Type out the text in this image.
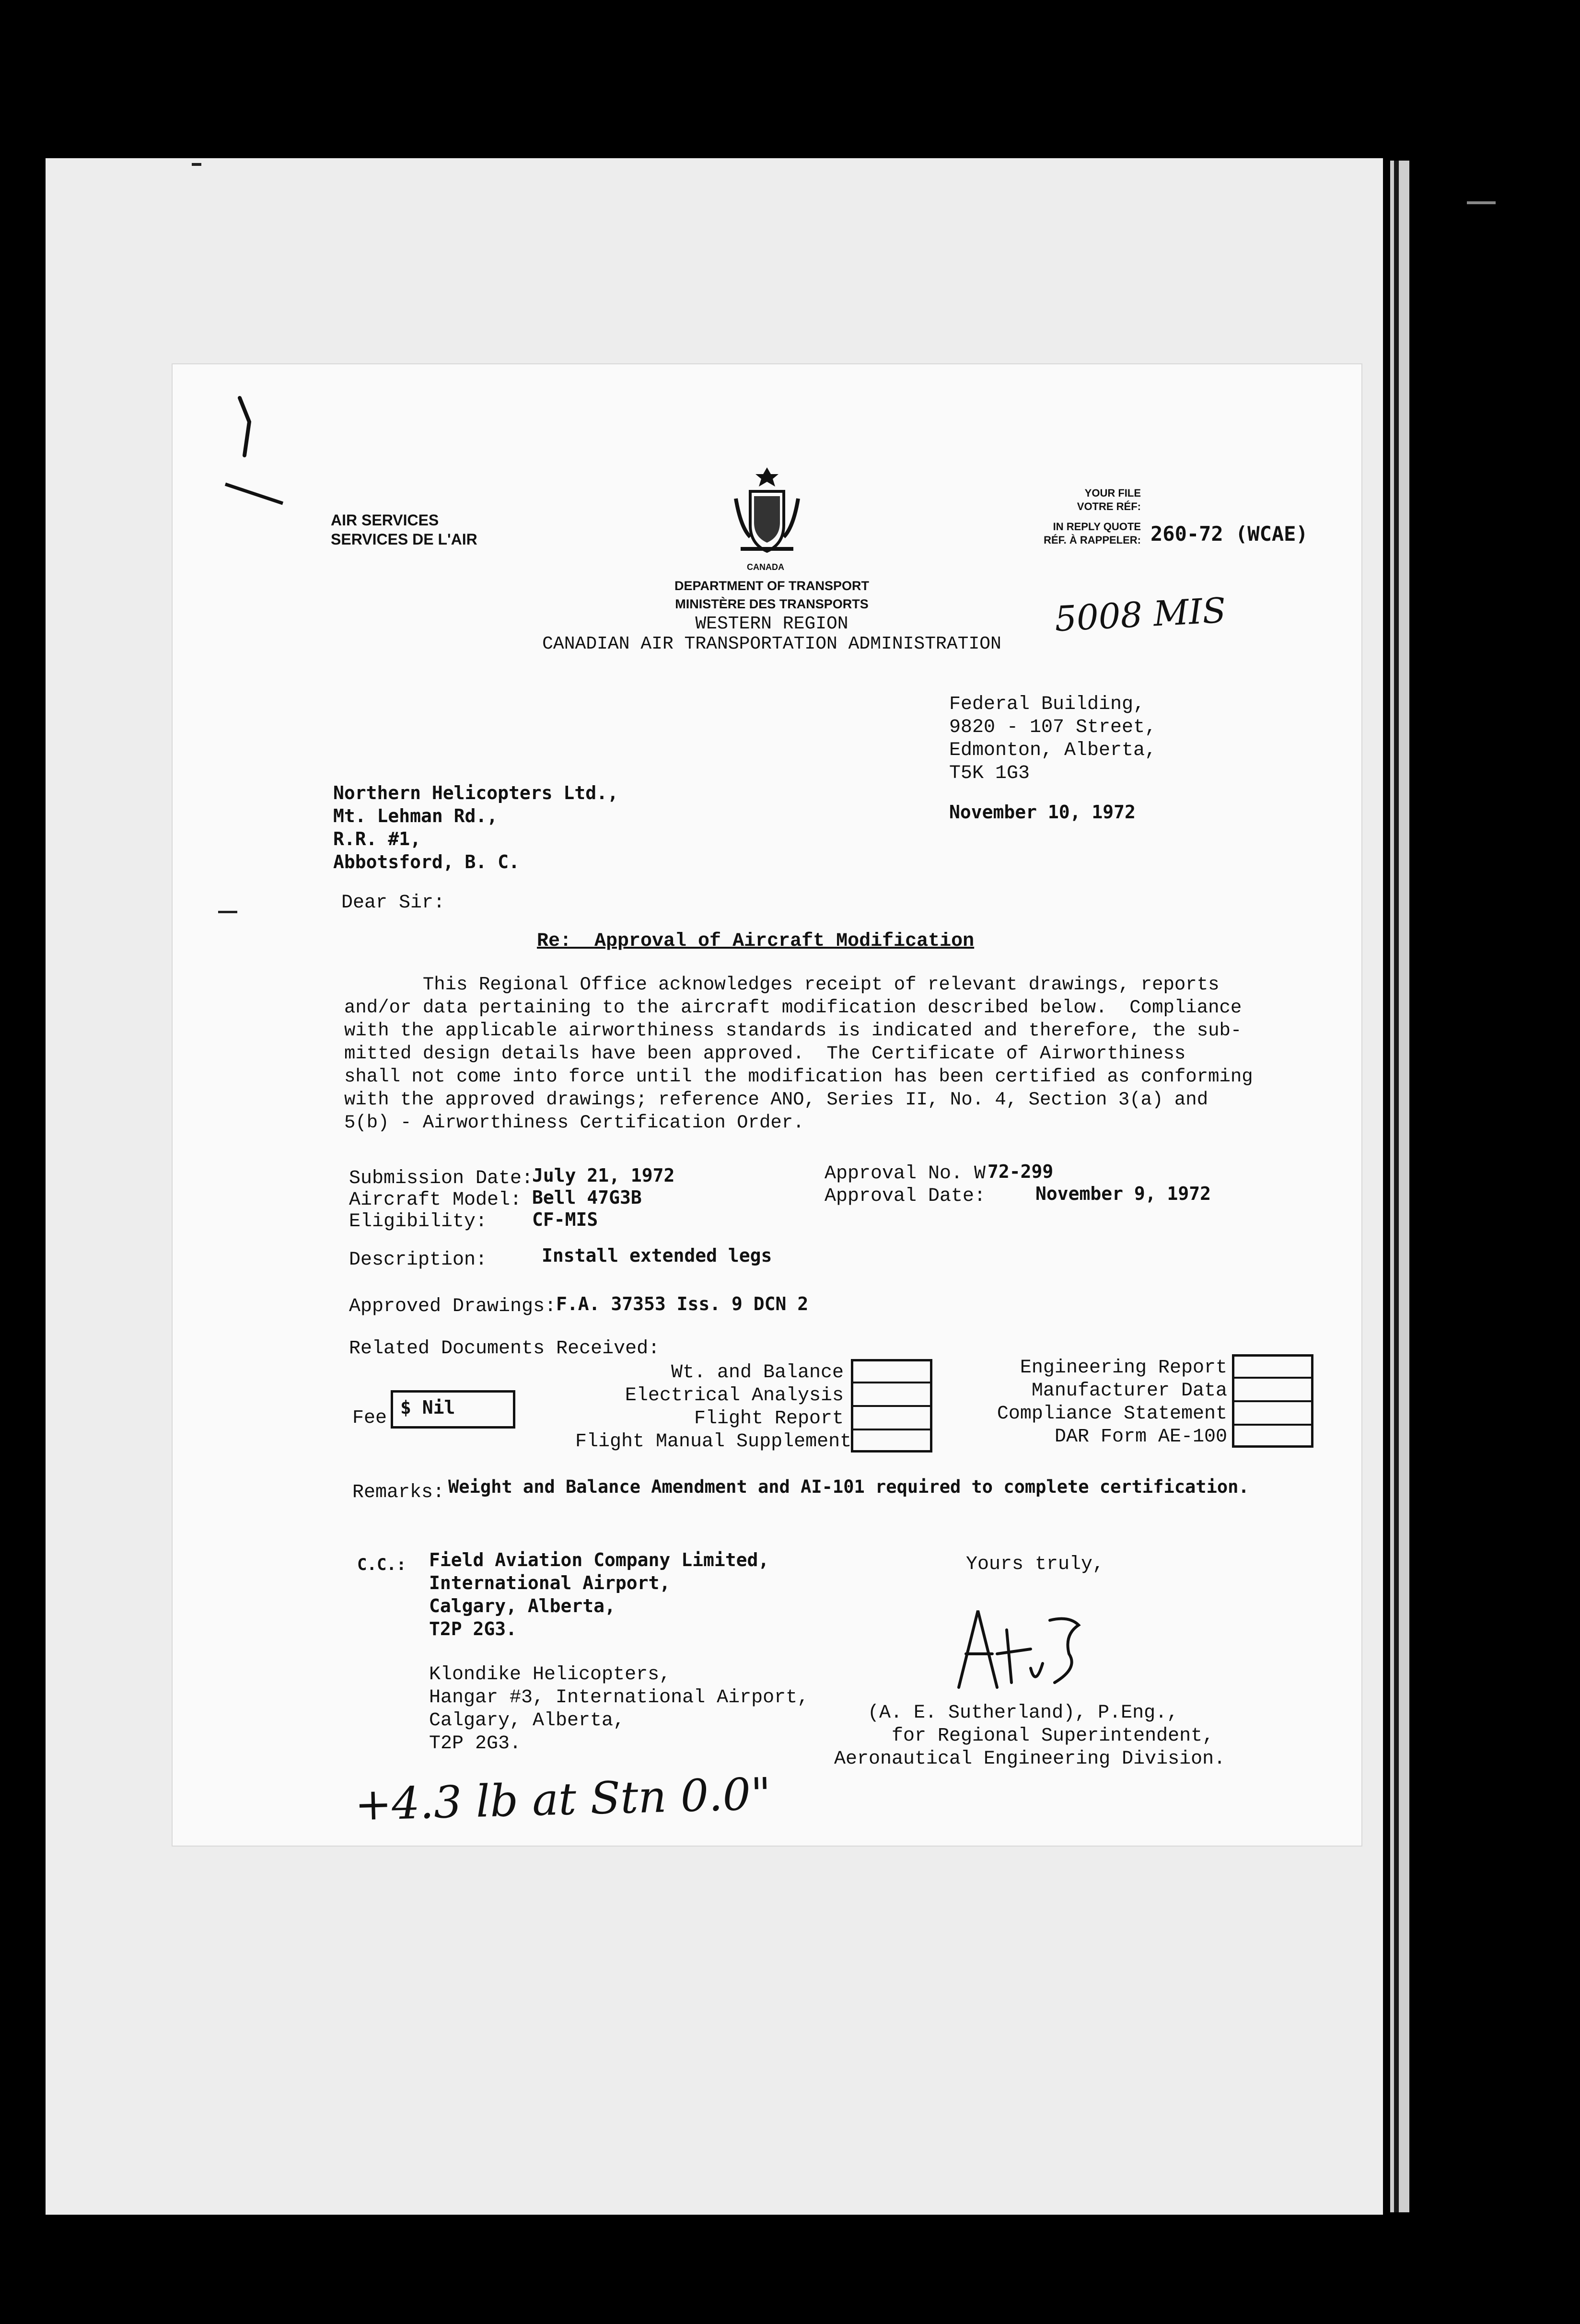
CANADA
AIR SERVICES
SERVICES DE L'AIR
YOUR FILE
VOTRE RÉF:
IN REPLY QUOTE
RÉF. À RAPPELER: 260-72 (WCAE)
5008 MIS
DEPARTMENT OF TRANSPORT
MINISTÈRE DES TRANSPORTS
WESTERN REGION
CANADIAN AIR TRANSPORTATION ADMINISTRATION
Federal Building,
9820 - 107 Street,
Edmonton, Alberta,
T5K 1G3
Northern Helicopters Ltd.,
Mt. Lehman Rd.,
R.R. #1,
Abbotsford, B. C.
November 10, 1972
Dear Sir:
Re:  Approval of Aircraft Modification
This Regional Office acknowledges receipt of relevant drawings, reports
and/or data pertaining to the aircraft modification described below.  Compliance
with the applicable airworthiness standards is indicated and therefore, the sub-
mitted design details have been approved.  The Certificate of Airworthiness
shall not come into force until the modification has been certified as conforming
with the approved drawings; reference ANO, Series II, No. 4, Section 3(a) and
5(b) - Airworthiness Certification Order.
Submission Date:
July 21, 1972
Aircraft Model: Bell 47G3B
Eligibility: CF-MIS
Approval No. W 72-299
Approval Date:	November 9, 1972
Description:	Install extended legs
Approved Drawings: F.A. 37353 Iss. 9 DCN 2
Related Documents Received:
Wt. and Balance
Electrical Analysis
Flight Report
Flight Manual Supplement
Engineering Report
Manufacturer Data
Compliance Statement
DAR Form AE-100
Fee $ Nil
Remarks: Weight and Balance Amendment and AI-101 required to complete certification.
C.C.: Field Aviation Company Limited,
International Airport,
Calgary, Alberta,
T2P 2G3.
Klondike Helicopters,
Hangar #3, International Airport,
Calgary, Alberta,
T2P 2G3.
Yours truly,
(A. E. Sutherland), P.Eng.,
for Regional Superintendent,
Aeronautical Engineering Division.
+4.3 lb at Stn 0.0"
